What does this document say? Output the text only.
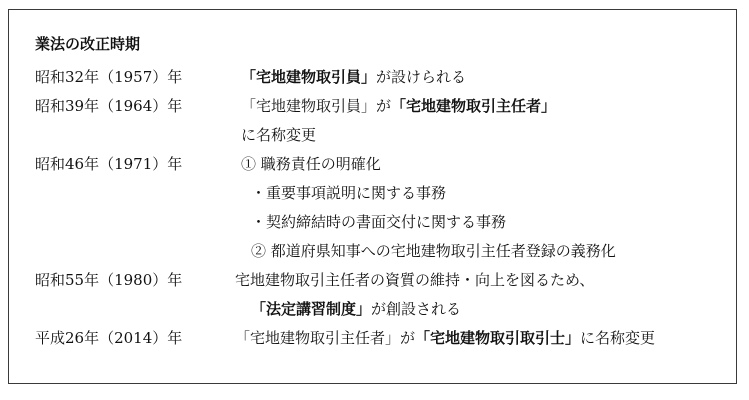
業法の改正時期
昭和32年（1957）年	「宅地建物取引員」が設けられる
昭和39年（1964）年	「宅地建物取引員」が「宅地建物取引主任者」
に名称変更
昭和46年（1971）年	① 職務責任の明確化
・重要事項説明に関する事務
・契約締結時の書面交付に関する事務
② 都道府県知事への宅地建物取引主任者登録の義務化
昭和55年（1980）年	宅地建物取引主任者の資質の維持・向上を図るため、
「法定講習制度」が創設される
平成26年（2014）年	「宅地建物取引主任者」が「宅地建物取引取引士」に名称変更
